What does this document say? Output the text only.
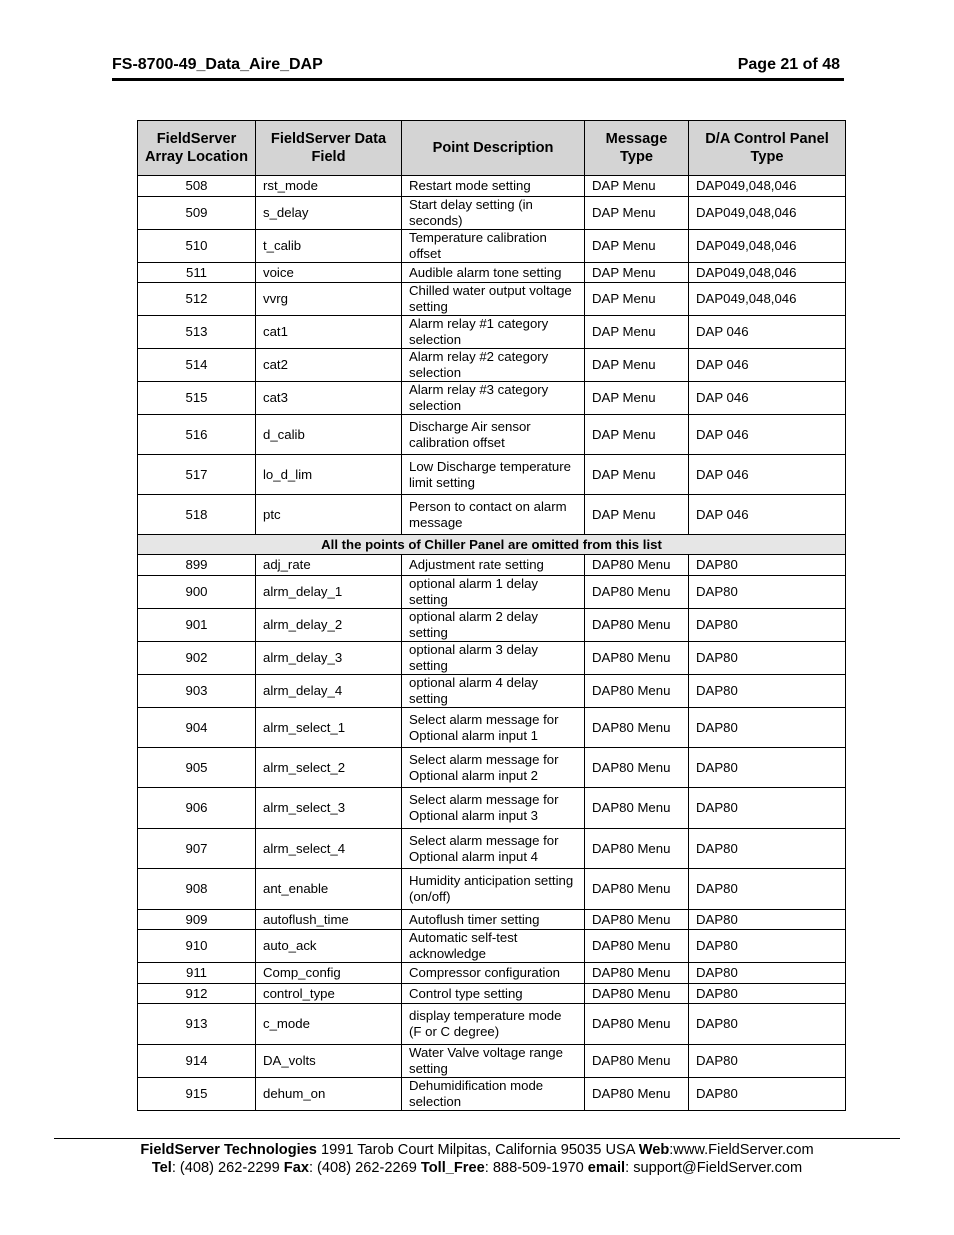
FS-8700-49_Data_Aire_DAP	Page 21 of 48
FieldServer Array Location	FieldServer Data Field	Point Description	Message Type	D/A Control Panel Type
508	rst_mode	Restart mode setting	DAP Menu	DAP049,048,046
509	s_delay	Start delay setting (in seconds)	DAP Menu	DAP049,048,046
510	t_calib	Temperature calibration offset	DAP Menu	DAP049,048,046
511	voice	Audible alarm tone setting	DAP Menu	DAP049,048,046
512	vvrg	Chilled water output voltage setting	DAP Menu	DAP049,048,046
513	cat1	Alarm relay #1 category selection	DAP Menu	DAP 046
514	cat2	Alarm relay #2 category selection	DAP Menu	DAP 046
515	cat3	Alarm relay #3 category selection	DAP Menu	DAP 046
516	d_calib	Discharge Air sensor calibration offset	DAP Menu	DAP 046
517	lo_d_lim	Low Discharge temperature limit setting	DAP Menu	DAP 046
518	ptc	Person to contact on alarm message	DAP Menu	DAP 046
All the points of Chiller Panel are omitted from this list				
899	adj_rate	Adjustment rate setting	DAP80 Menu	DAP80
900	alrm_delay_1	optional alarm 1 delay setting	DAP80 Menu	DAP80
901	alrm_delay_2	optional alarm 2 delay setting	DAP80 Menu	DAP80
902	alrm_delay_3	optional alarm 3 delay setting	DAP80 Menu	DAP80
903	alrm_delay_4	optional alarm 4 delay setting	DAP80 Menu	DAP80
904	alrm_select_1	Select alarm message for Optional alarm input 1	DAP80 Menu	DAP80
905	alrm_select_2	Select alarm message for Optional alarm input 2	DAP80 Menu	DAP80
906	alrm_select_3	Select alarm message for Optional alarm input 3	DAP80 Menu	DAP80
907	alrm_select_4	Select alarm message for Optional alarm input 4	DAP80 Menu	DAP80
908	ant_enable	Humidity anticipation setting (on/off)	DAP80 Menu	DAP80
909	autoflush_time	Autoflush timer setting	DAP80 Menu	DAP80
910	auto_ack	Automatic self-test acknowledge	DAP80 Menu	DAP80
911	Comp_config	Compressor configuration	DAP80 Menu	DAP80
912	control_type	Control type setting	DAP80 Menu	DAP80
913	c_mode	display temperature mode (F or C degree)	DAP80 Menu	DAP80
914	DA_volts	Water Valve voltage range setting	DAP80 Menu	DAP80
915	dehum_on	Dehumidification mode selection	DAP80 Menu	DAP80
FieldServer Technologies 1991 Tarob Court Milpitas, California 95035 USA Web:www.FieldServer.com
Tel: (408) 262-2299 Fax: (408) 262-2269 Toll_Free: 888-509-1970 email: support@FieldServer.com
